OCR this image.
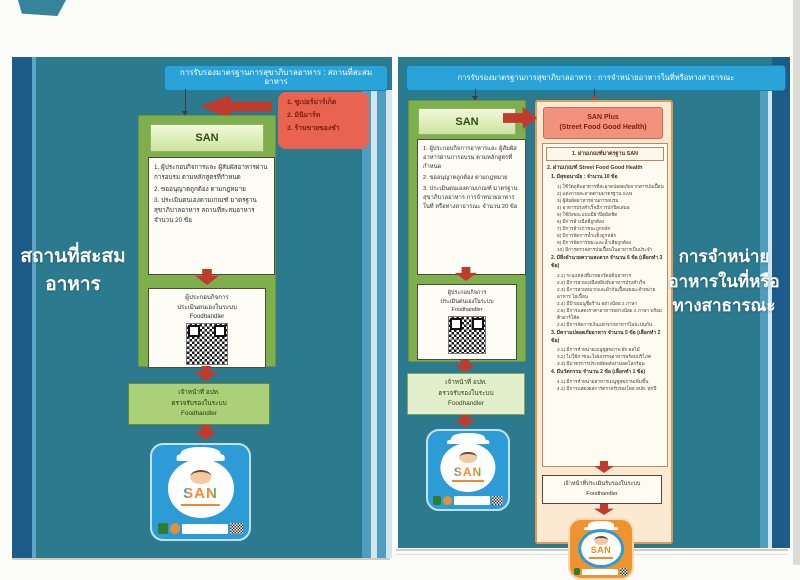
การรับรองมาตรฐานการสุขาภิบาลอาหาร : สถานที่สะสมอาหาร
1. ซูเปอร์มาร์เก็ต
2. มินิมาร์ท
3. ร้านขายของชำ
SAN
1. ผู้ประกอบกิจการและ ผู้สัมผัสอาหารผ่านการอบรม ตามหลักสูตรที่กำหนด
2. ขออนุญาตถูกต้อง ตามกฎหมาย
3. ประเมินตนเองตามเกณฑ์ มาตรฐานสุขาภิบาลอาหาร สถานที่สะสมอาหาร จำนวน 20 ข้อ
ผู้ประกอบกิจการ
ประเมินตนเองในระบบ
Foodhandler
เจ้าหน้าที่ อปท.
ตรวจรับรองในระบบ
Foodhandler
SAN
สถานที่สะสม
อาหาร
การรับรองมาตรฐานการสุขาภิบาลอาหาร : การจำหน่ายอาหารในที่หรือทางสาธารณะ
SAN
1. ผู้ประกอบกิจการอาหารและ ผู้สัมผัสอาหารผ่านการอบรม ตามหลักสูตรที่กำหนด
2. ขออนุญาตถูกต้อง ตามกฎหมาย
3. ประเมินตนเองตามเกณฑ์ มาตรฐานสุขาภิบาลอาหาร การจำหน่ายอาหารในที่ หรือทางสาธารณะ จำนวน 20 ข้อ
ผู้ประกอบกิจการ
ประเมินตนเองในระบบ
Foodhandler
เจ้าหน้าที่ อปท.
ตรวจรับรองในระบบ
Foodhandler
SAN
SAN Plus
(Street Food Good Health)
1. ผ่านเกณฑ์มาตรฐาน SAN
2. ผ่านเกณฑ์ Street Food Good Health
1. มีสุขอนามัย : จำนวน 10 ข้อ
1) ใช้วัตถุดิบอาหารที่สะอาดปลอดภัยจากสารปนเปื้อน
2) แต่งกายสะอาดตามมาตรฐาน SAN
3) ผู้สัมผัสอาหารผ่านการอบรม
4) อาหารปรุงสำเร็จมีการปกปิดเสมอ
5) ใช้ถังขยะแบบมีฝาปิดมิดชิด
6) มีการล้างมือที่ถูกต้อง
7) มีการล้างภาชนะถูกหลัก
8) มีการจัดการน้ำแข็งถูกหลัก
9) มีการจัดการขยะและน้ำเสียถูกต้อง
10) มีการตรวจสารปนเปื้อนในอาหารเป็นประจำ
2. มีสิ่งอำนวยความสะดวก จำนวน 6 ข้อ (เลือกทำ 3 ข้อ)
2.1) ระบุแหล่งที่มาของวัตถุดิบอาหาร
2.2) มีการสวมถุงมือหยิบจับอาหารปรุงสำเร็จ
2.3) มีการสวมหมวกและผ้ากันเปื้อนขณะจำหน่ายอาหาร ไม่เปื้อน
2.4) มีป้ายเมนูชื่อร้าน อย่างน้อย 2 ภาษา
2.5) มีการแสดงราคาอาหารอย่างน้อย 2 ภาษา พร้อมคิวอาร์โค้ด
2.6) มีการจัดการเงินแยกจากอาหารไม่ปะปนกัน
3. มีความปลอดภัยอาหาร จำนวน 5 ข้อ (เลือกทำ 2 ข้อ)
3.1) มีการจำหน่ายเมนูชูสุขภาพ ผัก ผลไม้
3.2) ไม่ใช้ภาชนะโฟมบรรจุอาหารพร้อมบริโภค
3.3) มีมาตรการประหยัดพลังงานลดโลกร้อน
4. มีนวัตกรรม จำนวน 2 ข้อ (เลือกทำ 1 ข้อ)
4.1) มีการจำหน่ายอาหารเมนูชูสุขภาพเพิ่มขึ้น
4.2) มีการแสดงผลการตรวจรับรองโดย อปท. ทุกปี
เจ้าหน้าที่ประเมินรับรองในระบบ
Foodhandler
SAN
การจำหน่าย
อาหารในที่หรือ
ทางสาธารณะ
